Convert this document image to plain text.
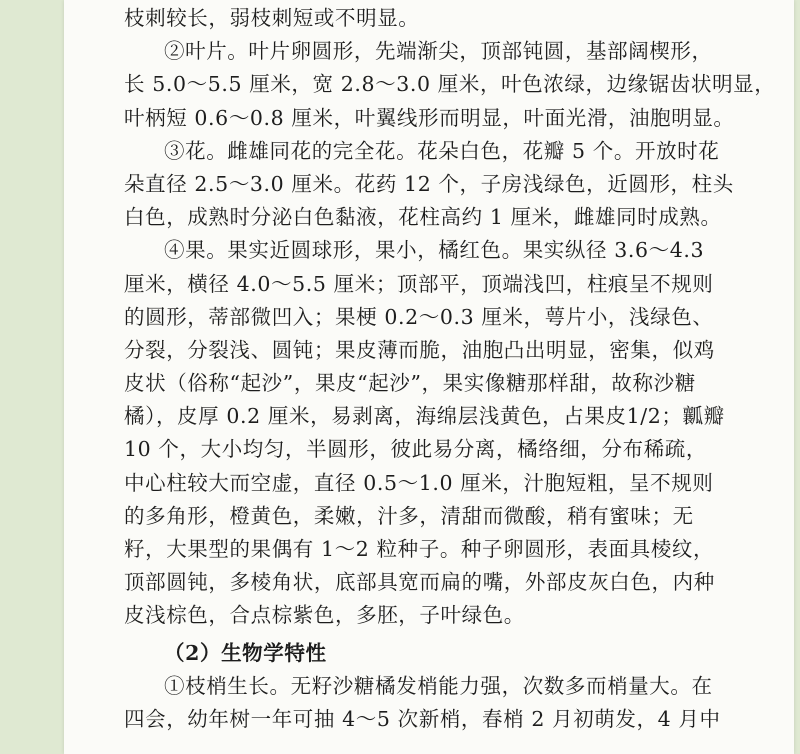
枝刺较长，弱枝刺短或不明显。
②叶片。叶片卵圆形，先端渐尖，顶部钝圆，基部阔楔形，
长 5.0～5.5 厘米，宽 2.8～3.0 厘米，叶色浓绿，边缘锯齿状明显，
叶柄短 0.6～0.8 厘米，叶翼线形而明显，叶面光滑，油胞明显。
③花。雌雄同花的完全花。花朵白色，花瓣 5 个。开放时花
朵直径 2.5～3.0 厘米。花药 12 个，子房浅绿色，近圆形，柱头
白色，成熟时分泌白色黏液，花柱高约 1 厘米，雌雄同时成熟。
④果。果实近圆球形，果小，橘红色。果实纵径 3.6～4.3
厘米，横径 4.0～5.5 厘米；顶部平，顶端浅凹，柱痕呈不规则
的圆形，蒂部微凹入；果梗 0.2～0.3 厘米，萼片小，浅绿色、
分裂，分裂浅、圆钝；果皮薄而脆，油胞凸出明显，密集，似鸡
皮状（俗称“起沙”，果皮“起沙”，果实像糖那样甜，故称沙糖
橘），皮厚 0.2 厘米，易剥离，海绵层浅黄色，占果皮1/2；瓤瓣
10 个，大小均匀，半圆形，彼此易分离，橘络细，分布稀疏，
中心柱较大而空虚，直径 0.5～1.0 厘米，汁胞短粗，呈不规则
的多角形，橙黄色，柔嫩，汁多，清甜而微酸，稍有蜜味；无
籽，大果型的果偶有 1～2 粒种子。种子卵圆形，表面具棱纹，
顶部圆钝，多棱角状，底部具宽而扁的嘴，外部皮灰白色，内种
皮浅棕色，合点棕紫色，多胚，子叶绿色。
（2）生物学特性
①枝梢生长。无籽沙糖橘发梢能力强，次数多而梢量大。在
四会，幼年树一年可抽 4～5 次新梢，春梢 2 月初萌发，4 月中
